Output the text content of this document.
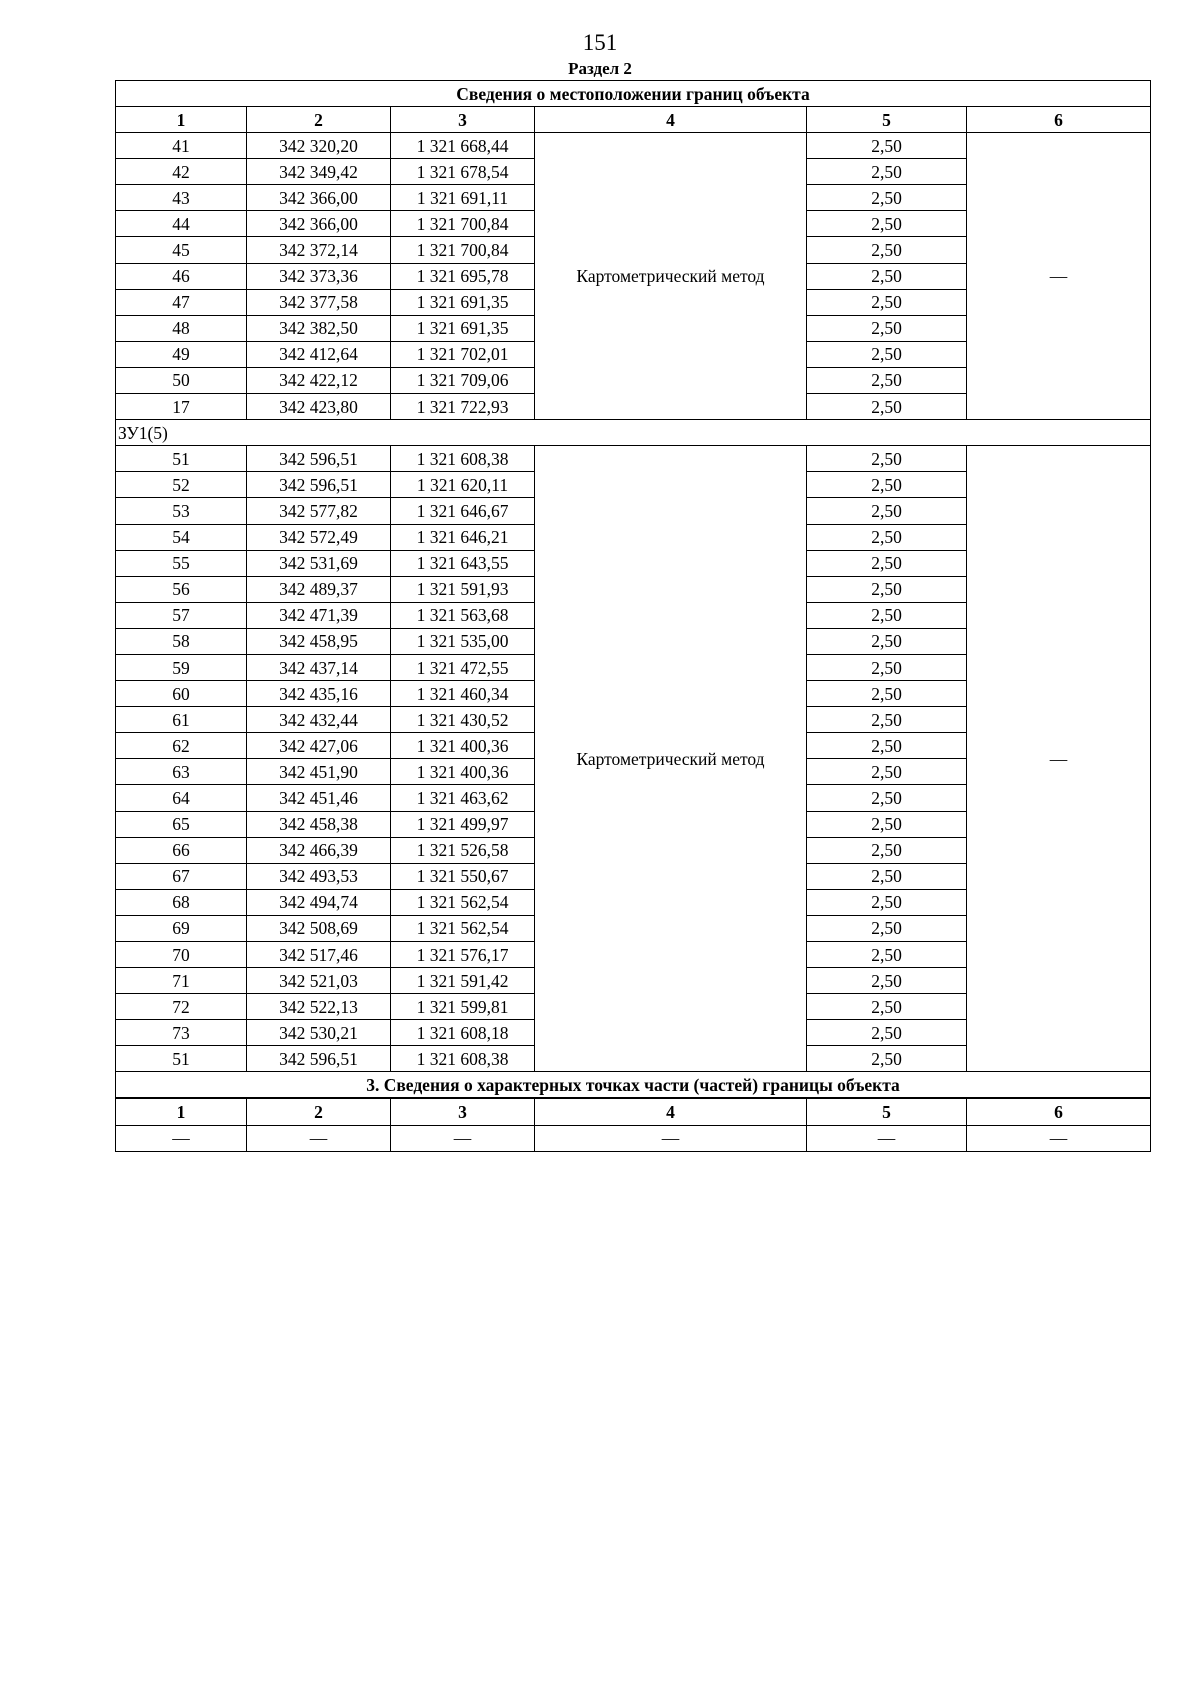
151
Раздел 2
Сведения о местоположении границ объекта					
1	2	3	4	5	6
41	342 320,20	1 321 668,44	Картометрический метод	2,50	—
42	342 349,42	1 321 678,54		2,50	
43	342 366,00	1 321 691,11		2,50	
44	342 366,00	1 321 700,84		2,50	
45	342 372,14	1 321 700,84		2,50	
46	342 373,36	1 321 695,78		2,50	
47	342 377,58	1 321 691,35		2,50	
48	342 382,50	1 321 691,35		2,50	
49	342 412,64	1 321 702,01		2,50	
50	342 422,12	1 321 709,06		2,50	
17	342 423,80	1 321 722,93		2,50	
ЗУ1(5)					
51	342 596,51	1 321 608,38	Картометрический метод	2,50	—
52	342 596,51	1 321 620,11		2,50	
53	342 577,82	1 321 646,67		2,50	
54	342 572,49	1 321 646,21		2,50	
55	342 531,69	1 321 643,55		2,50	
56	342 489,37	1 321 591,93		2,50	
57	342 471,39	1 321 563,68		2,50	
58	342 458,95	1 321 535,00		2,50	
59	342 437,14	1 321 472,55		2,50	
60	342 435,16	1 321 460,34		2,50	
61	342 432,44	1 321 430,52		2,50	
62	342 427,06	1 321 400,36		2,50	
63	342 451,90	1 321 400,36		2,50	
64	342 451,46	1 321 463,62		2,50	
65	342 458,38	1 321 499,97		2,50	
66	342 466,39	1 321 526,58		2,50	
67	342 493,53	1 321 550,67		2,50	
68	342 494,74	1 321 562,54		2,50	
69	342 508,69	1 321 562,54		2,50	
70	342 517,46	1 321 576,17		2,50	
71	342 521,03	1 321 591,42		2,50	
72	342 522,13	1 321 599,81		2,50	
73	342 530,21	1 321 608,18		2,50	
51	342 596,51	1 321 608,38		2,50	
3. Сведения о характерных точках части (частей) границы объекта					
1	2	3	4	5	6
—	—	—	—	—	—
